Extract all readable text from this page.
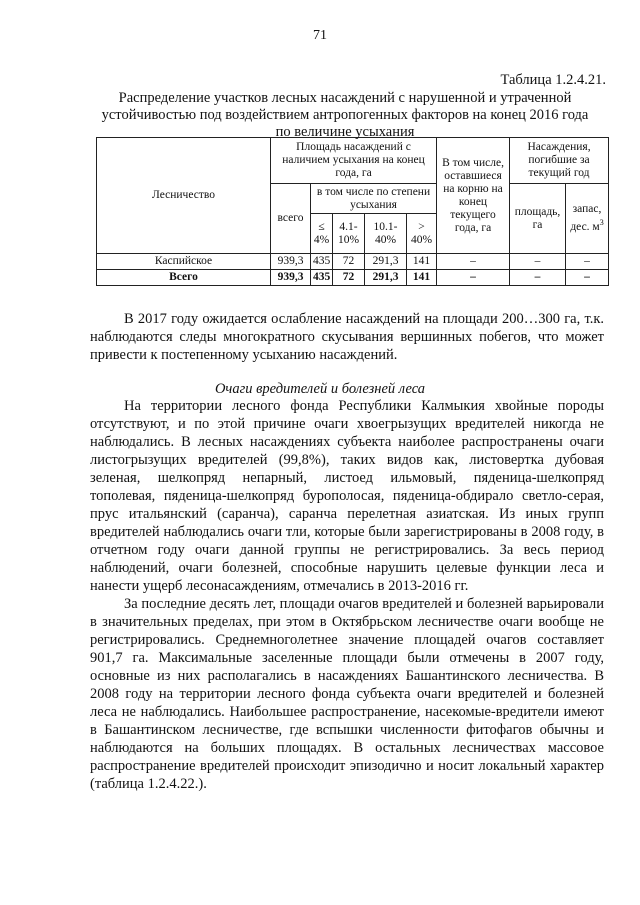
71
Таблица 1.2.4.21.
Распределение участков лесных насаждений с нарушенной и утраченной устойчивостью под воздействием антропогенных факторов на конец 2016 года по величине усыхания
Лесничество	Площадь насаждений с наличием усыхания на конец года, га					В том числе, оставшиеся на корню на конец текущего года, га	Насаждения, погибшие за текущий год	
	всего	в том числе по степени усыхания					площадь, га	запас, дес. $м^3$
		≤ 4%	4.1-10%	10.1-40%	> 40%			
Каспийское	939,3	435	72	291,3	141	–	–	–
Всего	939,3	435	72	291,3	141	–	–	–

В 2017 году ожидается ослабление насаждений на площади 200…300 га, т.к. наблюдаются следы многократного скусывания вершинных побегов, что может привести к постепенному усыханию насаждений.

Очаги вредителей и болезней леса

На территории лесного фонда Республики Калмыкия хвойные породы отсутствуют, и по этой причине очаги хвоегрызущих вредителей никогда не наблюдались. В лесных насаждениях субъекта наиболее распространены очаги листогрызущих вредителей (99,8%), таких видов как, листовертка дубовая зеленая, шелкопряд непарный, листоед ильмовый, пяденица-шелкопряд тополевая, пяденица-шелкопряд бурополосая, пяденица-обдирало светло-серая, прус итальянский (саранча), саранча перелетная азиатская. Из иных групп вредителей наблюдались очаги тли, которые были зарегистрированы в 2008 году, в отчетном году очаги данной группы не регистрировались. За весь период наблюдений, очаги болезней, способные нарушить целевые функции леса и нанести ущерб лесонасаждениям, отмечались в 2013-2016 гг.

За последние десять лет, площади очагов вредителей и болезней варьировали в значительных пределах, при этом в Октябрьском лесничестве очаги вообще не регистрировались. Среднемноголетнее значение площадей очагов составляет 901,7 га. Максимальные заселенные площади были отмечены в 2007 году, основные из них располагались в насаждениях Башантинского лесничества. В 2008 году на территории лесного фонда субъекта очаги вредителей и болезней леса не наблюдались. Наибольшее распространение, насекомые-вредители имеют в Башантинском лесничестве, где вспышки численности фитофагов обычны и наблюдаются на больших площадях. В остальных лесничествах массовое распространение вредителей происходит эпизодично и носит локальный характер (таблица 1.2.4.22.).
